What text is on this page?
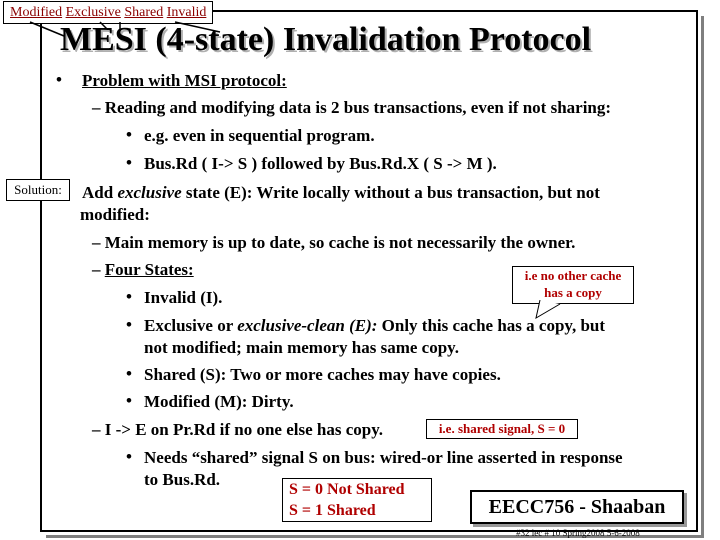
Modified Exclusive Shared Invalid
MESI (4-state) Invalidation Protocol
• Problem with MSI protocol:
– Reading and modifying data is 2 bus transactions, even if not sharing:
• e.g. even in sequential program.
• Bus.Rd ( I-> S ) followed by Bus.Rd.X ( S -> M ).
Solution:	Add exclusive state (E): Write locally without a bus transaction, but not
modified:
– Main memory is up to date, so cache is not necessarily the owner.
– Four States:
• Invalid (I).
• Exclusive or exclusive-clean (E): Only this cache has a copy, but
not modified; main memory has same copy.
• Shared (S): Two or more caches may have copies.
• Modified (M): Dirty.
– I -> E on Pr.Rd if no one else has copy.
• Needs “shared” signal S on bus: wired-or line asserted in response
to Bus.Rd.
i.e no other cache
has a copy
i.e. shared signal, S = 0
S = 0 Not Shared
S = 1 Shared	EECC756 - Shaaban
#32 lec # 10 Spring2008 5-6-2008
